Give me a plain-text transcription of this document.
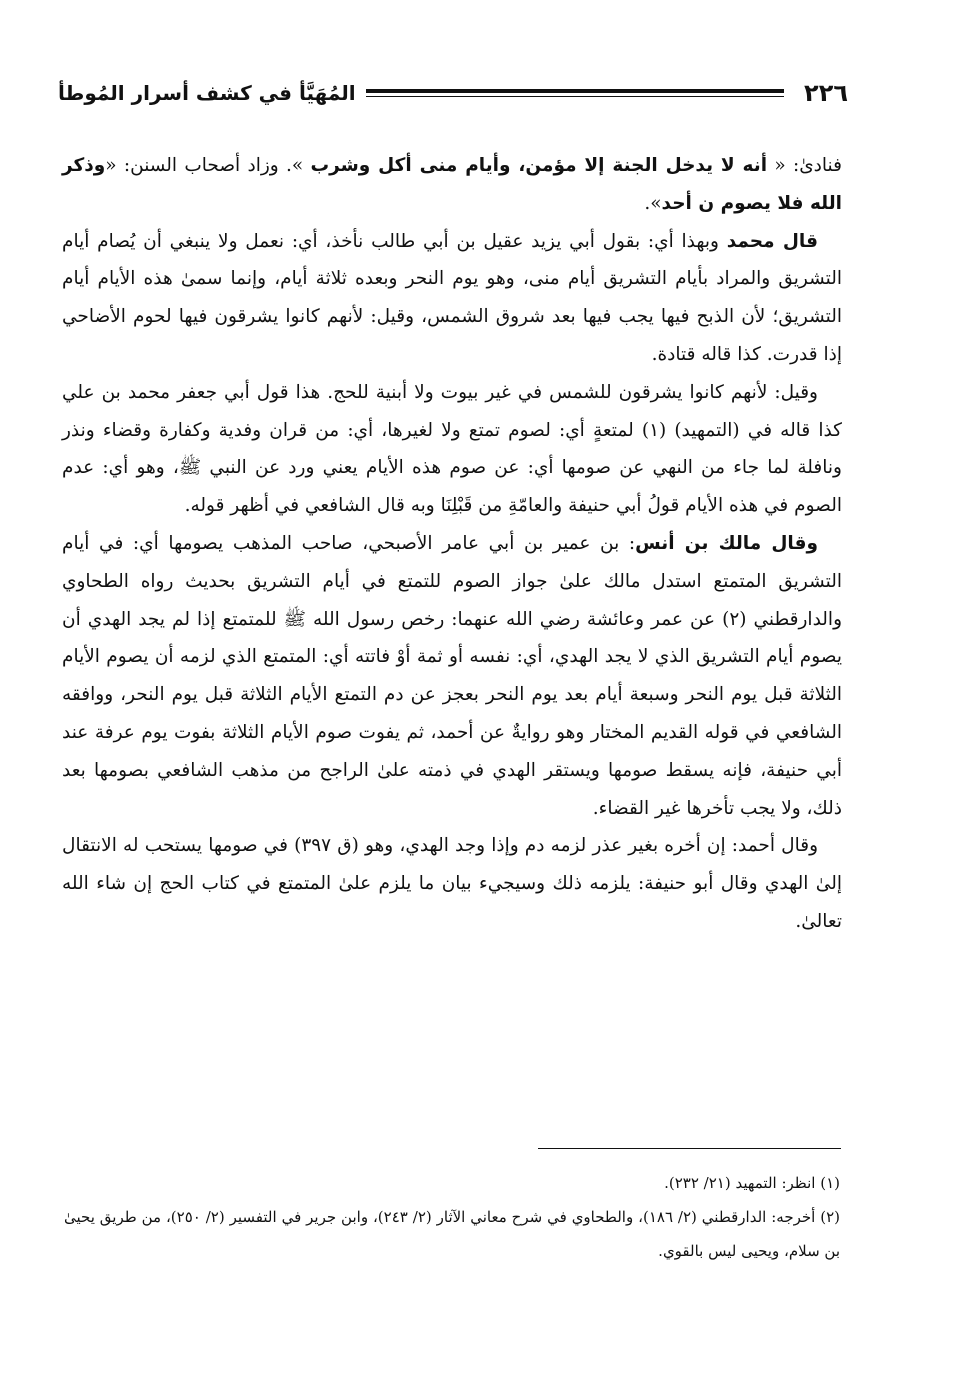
٢٢٦
المُهَيَّأ في كشف أسرار المُوطأ

فنادىٰ: « أنه لا يدخل الجنة إلا مؤمن، وأيام منى أكل وشرب ». وزاد أصحاب السنن: «وذكر الله فلا يصوم ن أحد».

قال محمد وبهذا أي: بقول أبي يزيد عقيل بن أبي طالب نأخذ، أي: نعمل ولا ينبغي أن يُصام أيام التشريق والمراد بأيام التشريق أيام منى، وهو يوم النحر وبعده ثلاثة أيام، وإنما سمىٰ هذه الأيام أيام التشريق؛ لأن الذبح فيها يجب فيها بعد شروق الشمس، وقيل: لأنهم كانوا يشرقون فيها لحوم الأضاحي إذا قدرت. كذا قاله قتادة.

وقيل: لأنهم كانوا يشرقون للشمس في غير بيوت ولا أبنية للحج. هذا قول أبي جعفر محمد بن علي كذا قاله في (التمهيد) (١) لمتعةٍ أي: لصوم تمتع ولا لغيرها، أي: من قران وفدية وكفارة وقضاء ونذر ونافلة لما جاء من النهي عن صومها أي: عن صوم هذه الأيام يعني ورد عن النبي ﷺ، وهو أي: عدم الصوم في هذه الأيام قولُ أبي حنيفة والعامّةِ من قَبْلِنَا وبه قال الشافعي في أظهر قوله.

وقال مالك بن أنس: بن عمير بن أبي عامر الأصبحي، صاحب المذهب يصومها أي: في أيام التشريق المتمتع استدل مالك علىٰ جواز الصوم للتمتع في أيام التشريق بحديث رواه الطحاوي والدارقطني (٢) عن عمر وعائشة رضي الله عنهما: رخص رسول الله ﷺ للمتمتع إذا لم يجد الهدي أن يصوم أيام التشريق الذي لا يجد الهدي، أي: نفسه أو ثمة أوْ فاتته أي: المتمتع الذي لزمه أن يصوم الأيام الثلاثة قبل يوم النحر وسبعة أيام بعد يوم النحر بعجز عن دم التمتع الأيام الثلاثة قبل يوم النحر، ووافقه الشافعي في قوله القديم المختار وهو روايةٌ عن أحمد، ثم يفوت صوم الأيام الثلاثة بفوت يوم عرفة عند أبي حنيفة، فإنه يسقط صومها ويستقر الهدي في ذمته علىٰ الراجح من مذهب الشافعي بصومها بعد ذلك، ولا يجب تأخرها غير القضاء.

وقال أحمد: إن أخره بغير عذر لزمه دم وإذا وجد الهدي، وهو (ق ٣٩٧) في صومها يستحب له الانتقال إلىٰ الهدي وقال أبو حنيفة: يلزمه ذلك وسيجيء بيان ما يلزم علىٰ المتمتع في كتاب الحج إن شاء الله تعالىٰ.

(١) انظر: التمهيد (٢١/ ٢٣٢).

(٢) أخرجه: الدارقطني (٢/ ١٨٦)، والطحاوي في شرح معاني الآثار (٢/ ٢٤٣)، وابن جرير في التفسير (٢/ ٢٥٠)، من طريق يحيىٰ بن سلام، ويحيى ليس بالقوي.
